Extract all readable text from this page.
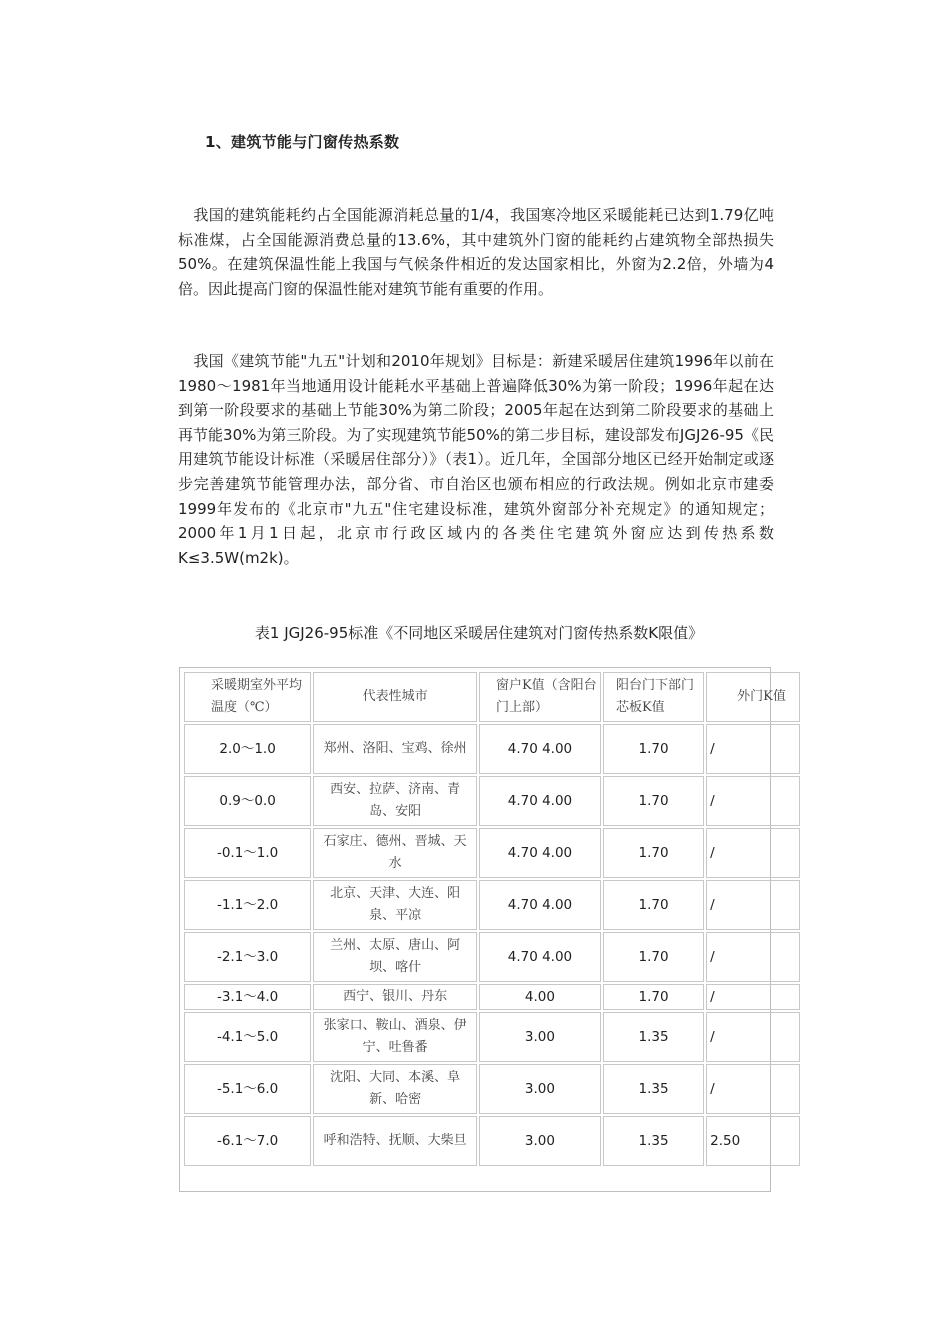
1、建筑节能与门窗传热系数

　我国的建筑能耗约占全国能源消耗总量的1/4，我国寒冷地区采暖能耗已达到1.79亿吨标准煤，占全国能源消费总量的13.6%，其中建筑外门窗的能耗约占建筑物全部热损失50%。在建筑保温性能上我国与气候条件相近的发达国家相比，外窗为2.2倍，外墙为4倍。因此提高门窗的保温性能对建筑节能有重要的作用。

　我国《建筑节能"九五"计划和2010年规划》目标是：新建采暖居住建筑1996年以前在1980～1981年当地通用设计能耗水平基础上普遍降低30%为第一阶段；1996年起在达到第一阶段要求的基础上节能30%为第二阶段；2005年起在达到第二阶段要求的基础上再节能30%为第三阶段。为了实现建筑节能50%的第二步目标，建设部发布JGJ26-95《民用建筑节能设计标准（采暖居住部分）》（表1）。近几年，全国部分地区已经开始制定或逐步完善建筑节能管理办法，部分省、市自治区也颁布相应的行政法规。例如北京市建委1999年发布的《北京市"九五"住宅建设标准，建筑外窗部分补充规定》的通知规定；2000年1月1日起，北京市行政区域内的各类住宅建筑外窗应达到传热系数K≤3.5W(m2k)。

表1 JGJ26-95标准《不同地区采暖居住建筑对门窗传热系数K限值》

采暖期室外平均温度（℃）	代表性城市	窗户K值（含阳台门上部）	阳台门下部门芯板K值	外门K值
2.0～1.0	郑州、洛阳、宝鸡、徐州	4.70 4.00	1.70	/
0.9～0.0	西安、拉萨、济南、青岛、安阳	4.70 4.00	1.70	/
-0.1～1.0	石家庄、德州、晋城、天水	4.70 4.00	1.70	/
-1.1～2.0	北京、天津、大连、阳泉、平凉	4.70 4.00	1.70	/
-2.1～3.0	兰州、太原、唐山、阿坝、喀什	4.70 4.00	1.70	/
-3.1～4.0	西宁、银川、丹东	4.00	1.70	/
-4.1～5.0	张家口、鞍山、酒泉、伊宁、吐鲁番	3.00	1.35	/
-5.1～6.0	沈阳、大同、本溪、阜新、哈密	3.00	1.35	/
-6.1～7.0	呼和浩特、抚顺、大柴旦	3.00	1.35	2.50
